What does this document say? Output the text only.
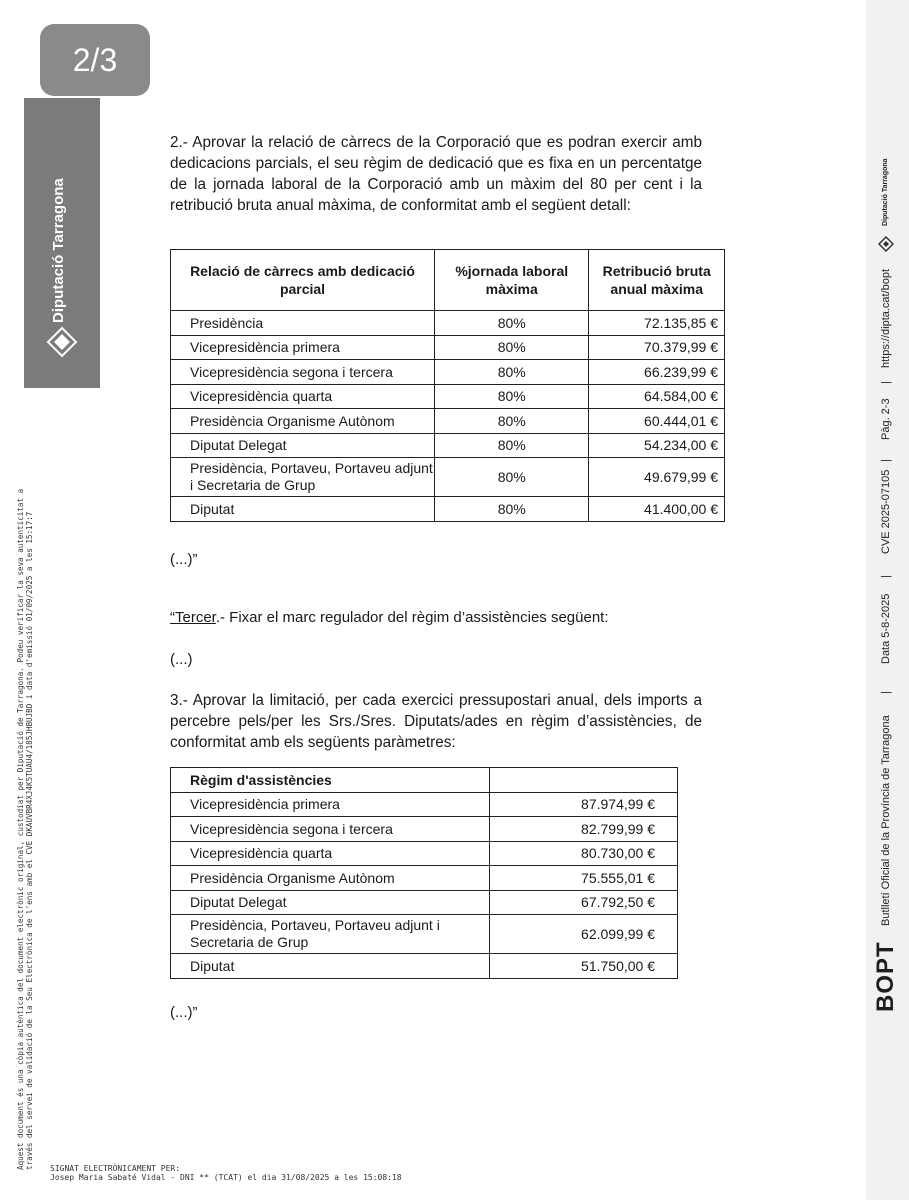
2/3
Diputació Tarragona
Aquest document és una còpia autèntica del document electrònic original, custodiat per Diputació de Tarragona. Podeu verificar la seva autenticitat a través del servei de validació de la Seu Electrònica de l'ens amb el CVE DKAUVBR4XJ4K5TUAU4/185JHBUJBD i data d'emissió 01/09/2025 a les 15:17:7 SIGNAT ELECTRÒNICAMENT PER:
Josep Maria Sabaté Vidal - DNI ** (TCAT) el dia 31/08/2025 a les 15:08:18
BOPT
Butlletí Oficial de la Província de Tarragona
|
Data 5-8-2025
|
CVE 2025-07105
|
Pàg. 2-3
|
https://dipta.cat/bopt
Diputació Tarragona

2.- Aprovar la relació de càrrecs de la Corporació que es podran exercir amb dedicacions parcials, el seu règim de dedicació que es fixa en un percentatge de la jornada laboral de la Corporació amb un màxim del 80 per cent i la retribució bruta anual màxima, de conformitat amb el següent detall:

Relació de càrrecs amb dedicació parcial	%jornada laboral màxima	Retribució bruta anual màxima
Presidència	80%	72.135,85 €
Vicepresidència primera	80%	70.379,99 €
Vicepresidència segona i tercera	80%	66.239,99 €
Vicepresidència quarta	80%	64.584,00 €
Presidència Organisme Autònom	80%	60.444,01 €
Diputat Delegat	80%	54.234,00 €
Presidència, Portaveu, Portaveu adjunt i Secretaria de Grup	80%	49.679,99 €
Diputat	80%	41.400,00 €
(...)”
“Tercer.- Fixar el marc regulador del règim d’assistències següent:
(...)

3.- Aprovar la limitació, per cada exercici pressupostari anual, dels imports a percebre pels/per les Srs./Sres. Diputats/ades en règim d’assistències, de conformitat amb els següents paràmetres:

Règim d'assistències	
Vicepresidència primera	87.974,99 €
Vicepresidència segona i tercera	82.799,99 €
Vicepresidència quarta	80.730,00 €
Presidència Organisme Autònom	75.555,01 €
Diputat Delegat	67.792,50 €
Presidència, Portaveu, Portaveu adjunt i Secretaria de Grup	62.099,99 €
Diputat	51.750,00 €
(...)”
